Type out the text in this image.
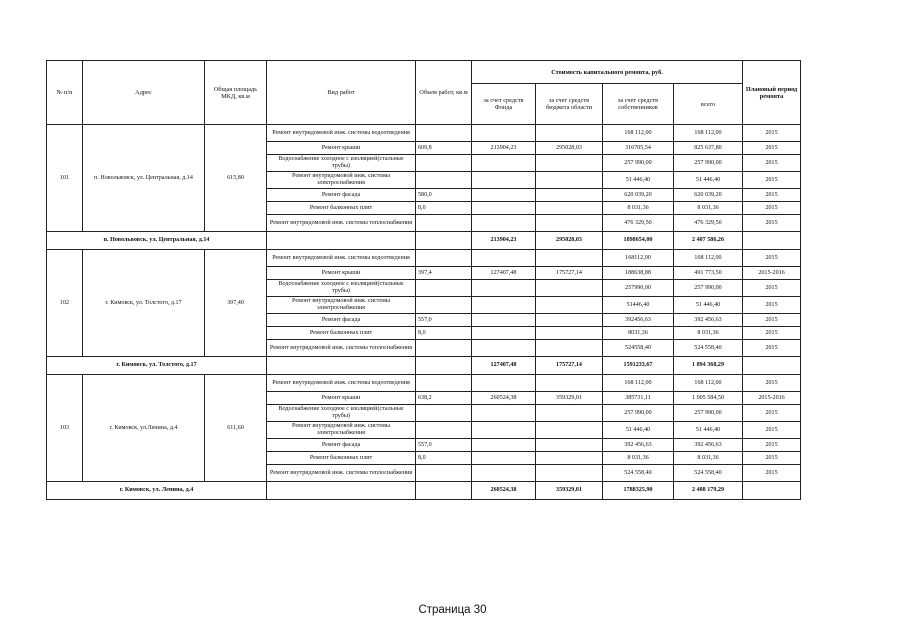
№ п/п	Адрес	Общая площадь МКД, кв.м	Вид работ	Объем работ, кв.м	Стоимость капитального ремонта, руб.				Плановый период ремонта
					за счет средств Фонда	за счет средств бюджета области	за счет средств собственников	всего	
101	п. Новольвовск, ул. Центральная, д.14	615,80	Ремонт внутридомовой инж. системы водоотведения				168 112,00	168 112,00	2015
			Ремонт крыши	609,8	213904,23	295028,03	316705,54	825 637,80	2015
			Водоснабжение холодное с изоляцией(стальные трубы)				257 990,00	257 990,00	2015
			Ремонт внутридомовой инж. системы электроснабжения				51 446,40	51 446,40	2015
			Ремонт фасада	580,0			620 039,20	620 039,20	2015
			Ремонт балконных плит	8,0			8 031,36	8 031,36	2015
			Ремонт внутридомовой инж. системы теплоснабжения				476 329,50	476 329,50	2015
п. Новольвовск, ул. Центральная, д.14					213904,23	295028,03	1898654,00	2 407 586,26	
102	г. Кимовск, ул. Толстого, д.17	397,40	Ремонт внутридомовой инж. системы водоотведения				168112,00	168 112,00	2015
			Ремонт крыши	397,4	127407,48	175727,14	188638,88	491 773,50	2015-2016
			Водоснабжение холодное с изоляцией(стальные трубы)				257990,00	257 990,00	2015
			Ремонт внутридомовой инж. системы электроснабжения				51446,40	51 446,40	2015
			Ремонт фасада	557,0			392456,63	392 456,63	2015
			Ремонт балконных плит	8,0			8031,36	8 031,36	2015
			Ремонт внутридомовой инж. системы теплоснабжения				524558,40	524 558,40	2015
г. Кимовск, ул. Толстого, д.17					127407,48	175727,14	1591233,67	1 894 368,29	
103	г. Кимовск, ул.Ленина, д.4	611,60	Ремонт внутридомовой инж. системы водоотведения				168 112,00	168 112,00	2015
			Ремонт крыши	638,2	260524,38	359329,01	385731,11	1 005 584,50	2015-2016
			Водоснабжение холодное с изоляцией(стальные трубы)				257 990,00	257 990,00	2015
			Ремонт внутридомовой инж. системы электроснабжения				51 446,40	51 446,40	2015
			Ремонт фасада	557,0			392 456,63	392 456,63	2015
			Ремонт балконных плит	8,0			8 031,36	8 031,36	2015
			Ремонт внутридомовой инж. системы теплоснабжения				524 558,40	524 558,40	2015
г. Кимовск, ул. Ленина, д.4					260524,38	359329,01	1788325,90	2 408 179,29	
Страница 30
